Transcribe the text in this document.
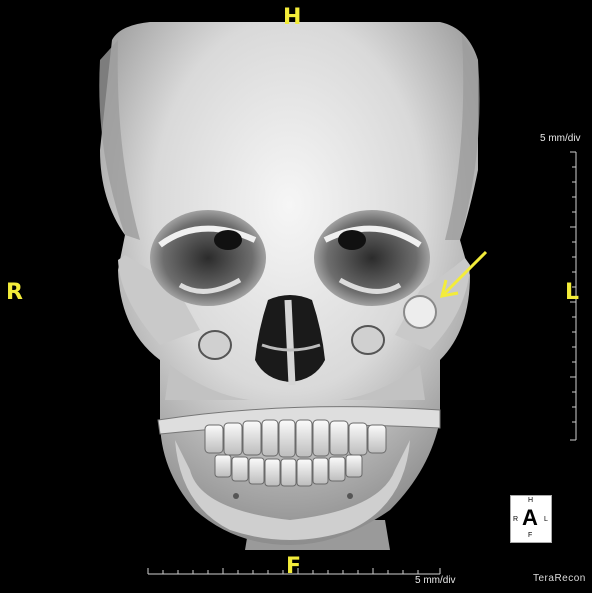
H
R	L
F
5 mm/div
5 mm/div
H
R A L
F
TeraRecon
